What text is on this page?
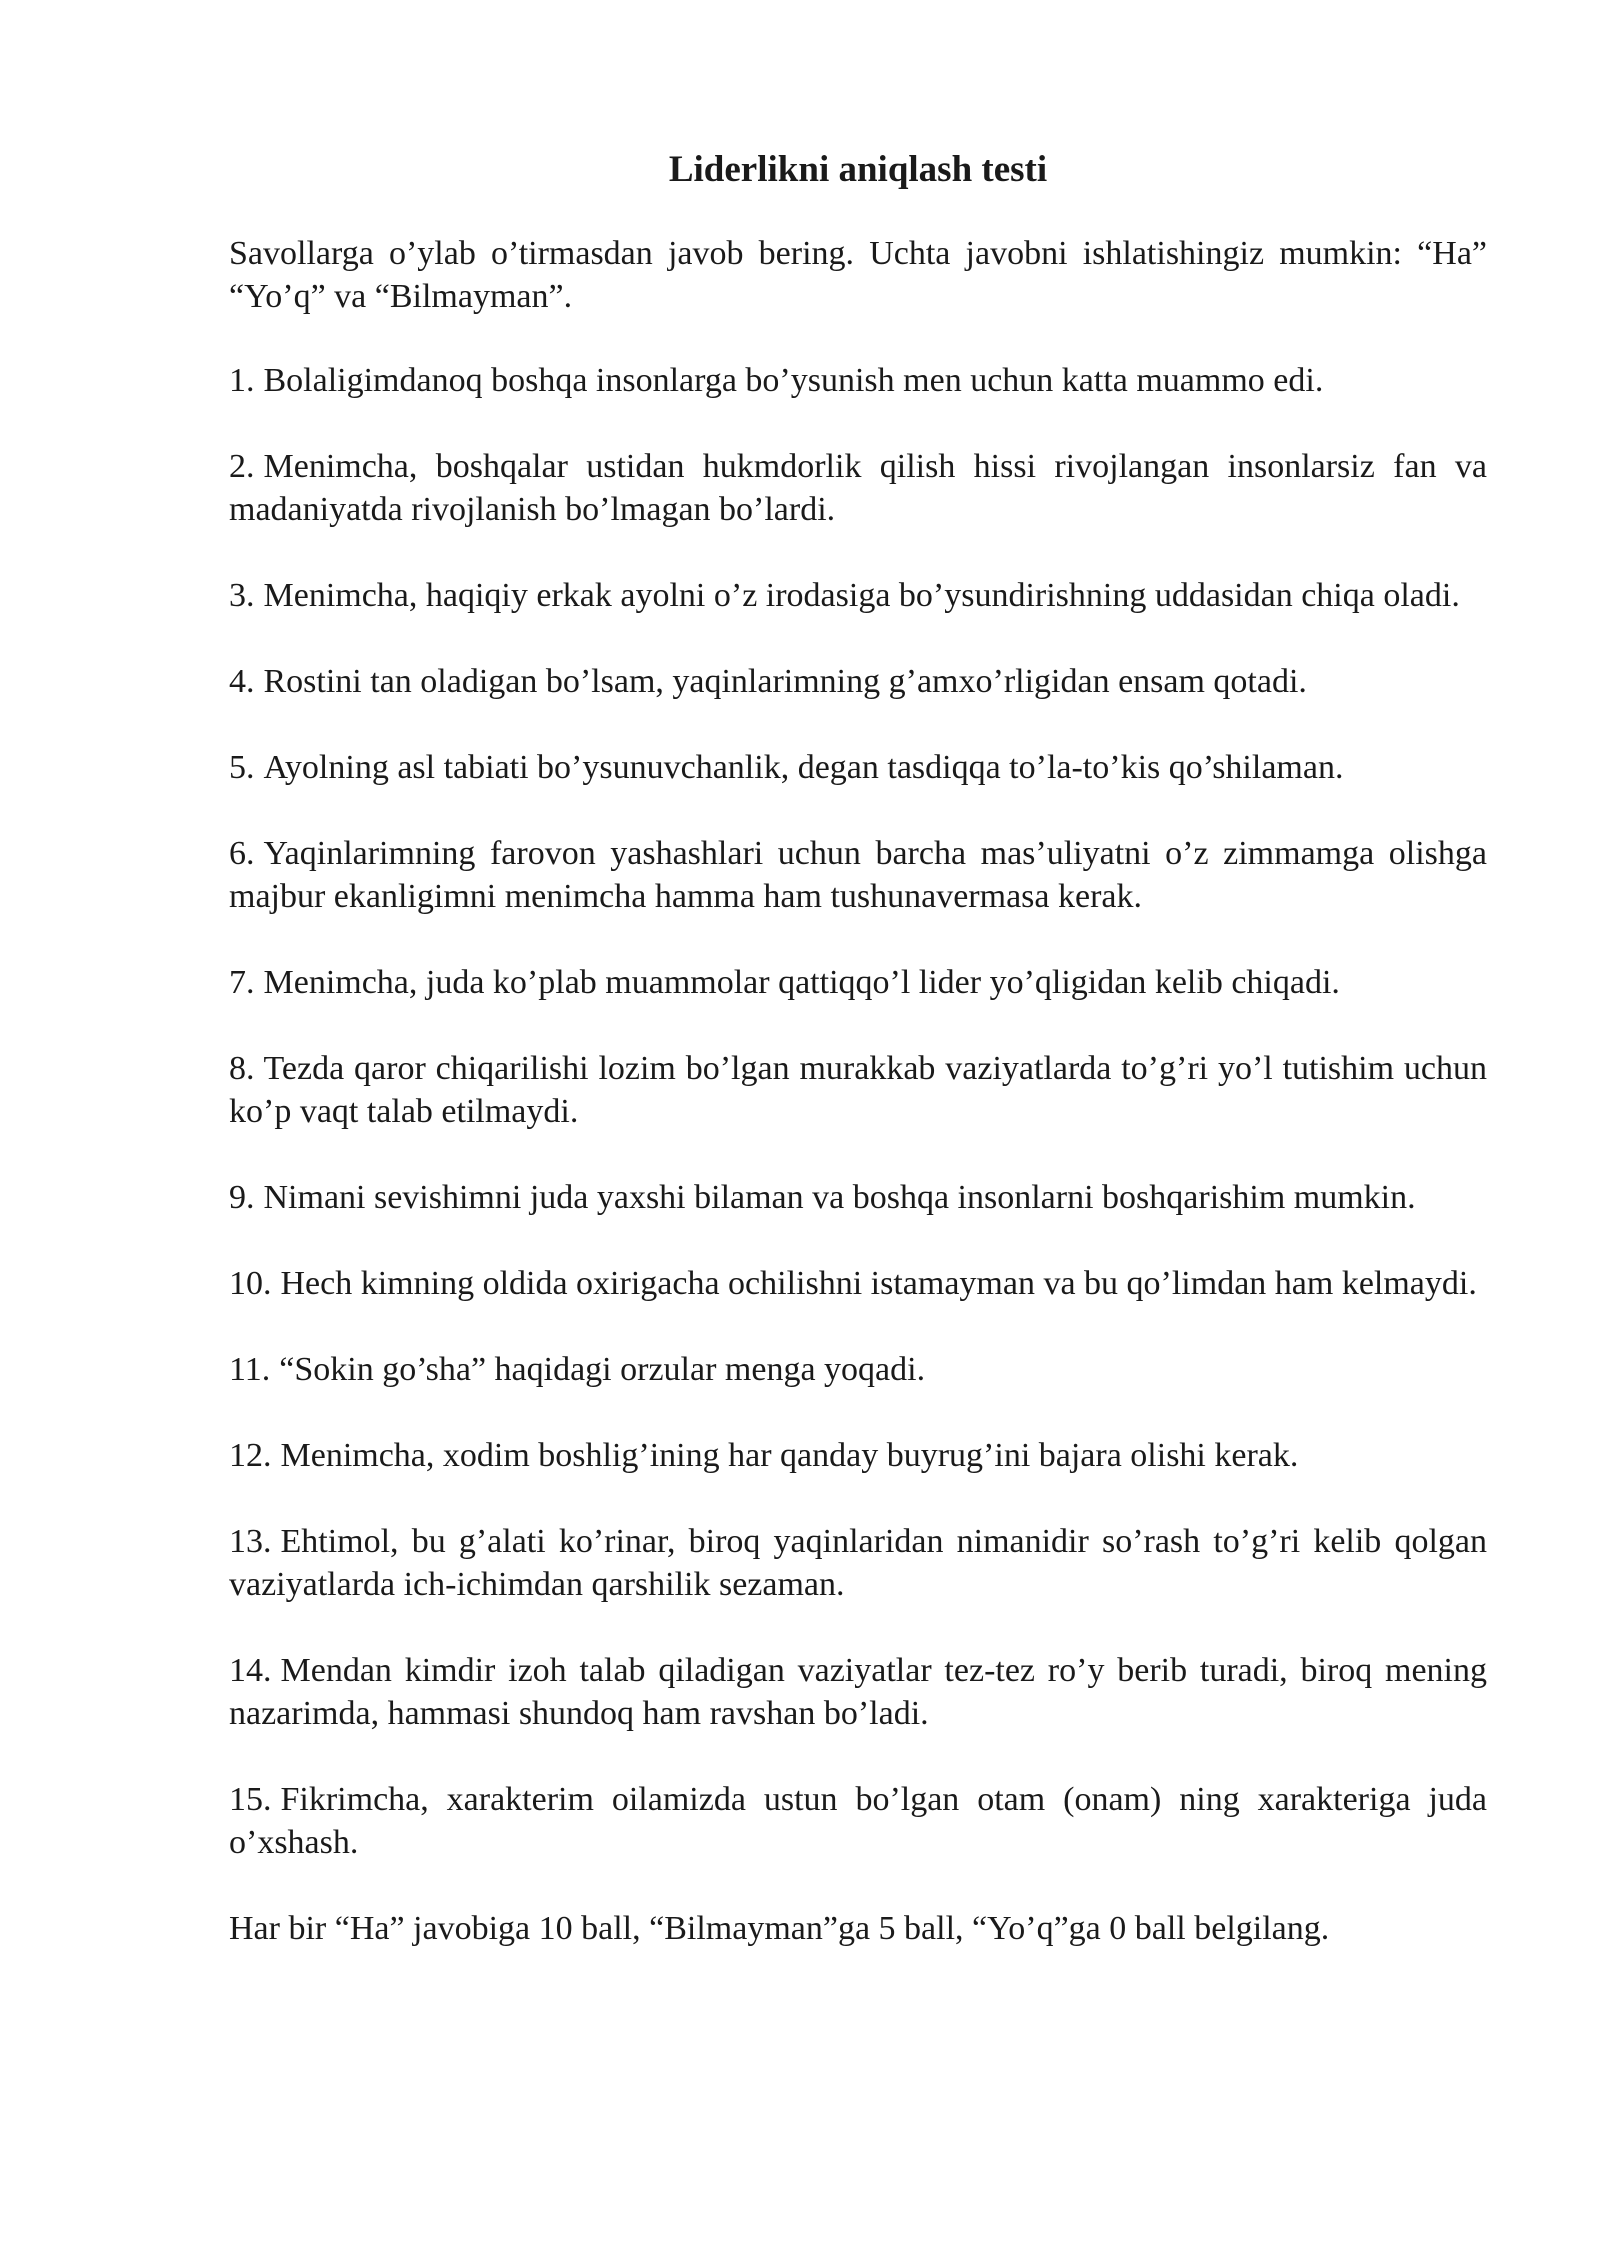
Liderlikni aniqlash testi

Savollarga o’ylab o’tirmasdan javob bering. Uchta javobni ishlatishingiz mumkin: “Ha” “Yo’q” va “Bilmayman”.

1. Bolaligimdanoq boshqa insonlarga bo’ysunish men uchun katta muammo edi.

2. Menimcha, boshqalar ustidan hukmdorlik qilish hissi rivojlangan insonlarsiz fan va madaniyatda rivojlanish bo’lmagan bo’lardi.

3. Menimcha, haqiqiy erkak ayolni o’z irodasiga bo’ysundirishning uddasidan chiqa oladi.

4. Rostini tan oladigan bo’lsam, yaqinlarimning g’amxo’rligidan ensam qotadi.

5. Ayolning asl tabiati bo’ysunuvchanlik, degan tasdiqqa to’la-to’kis qo’shilaman.

6. Yaqinlarimning farovon yashashlari uchun barcha mas’uliyatni o’z zimmamga olishga majbur ekanligimni menimcha hamma ham tushunavermasa kerak.

7. Menimcha, juda ko’plab muammolar qattiqqo’l lider yo’qligidan kelib chiqadi.

8. Tezda qaror chiqarilishi lozim bo’lgan murakkab vaziyatlarda to’g’ri yo’l tutishim uchun ko’p vaqt talab etilmaydi.

9. Nimani sevishimni juda yaxshi bilaman va boshqa insonlarni boshqarishim mumkin.

10. Hech kimning oldida oxirigacha ochilishni istamayman va bu qo’limdan ham kelmaydi.

11. “Sokin go’sha” haqidagi orzular menga yoqadi.

12. Menimcha, xodim boshlig’ining har qanday buyrug’ini bajara olishi kerak.

13. Ehtimol, bu g’alati ko’rinar, biroq yaqinlaridan nimanidir so’rash to’g’ri kelib qolgan vaziyatlarda ich-ichimdan qarshilik sezaman.

14. Mendan kimdir izoh talab qiladigan vaziyatlar tez-tez ro’y berib turadi, biroq mening nazarimda, hammasi shundoq ham ravshan bo’ladi.

15. Fikrimcha, xarakterim oilamizda ustun bo’lgan otam (onam) ning xarakteriga juda o’xshash.

Har bir “Ha” javobiga 10 ball, “Bilmayman”ga 5 ball, “Yo’q”ga 0 ball belgilang.
